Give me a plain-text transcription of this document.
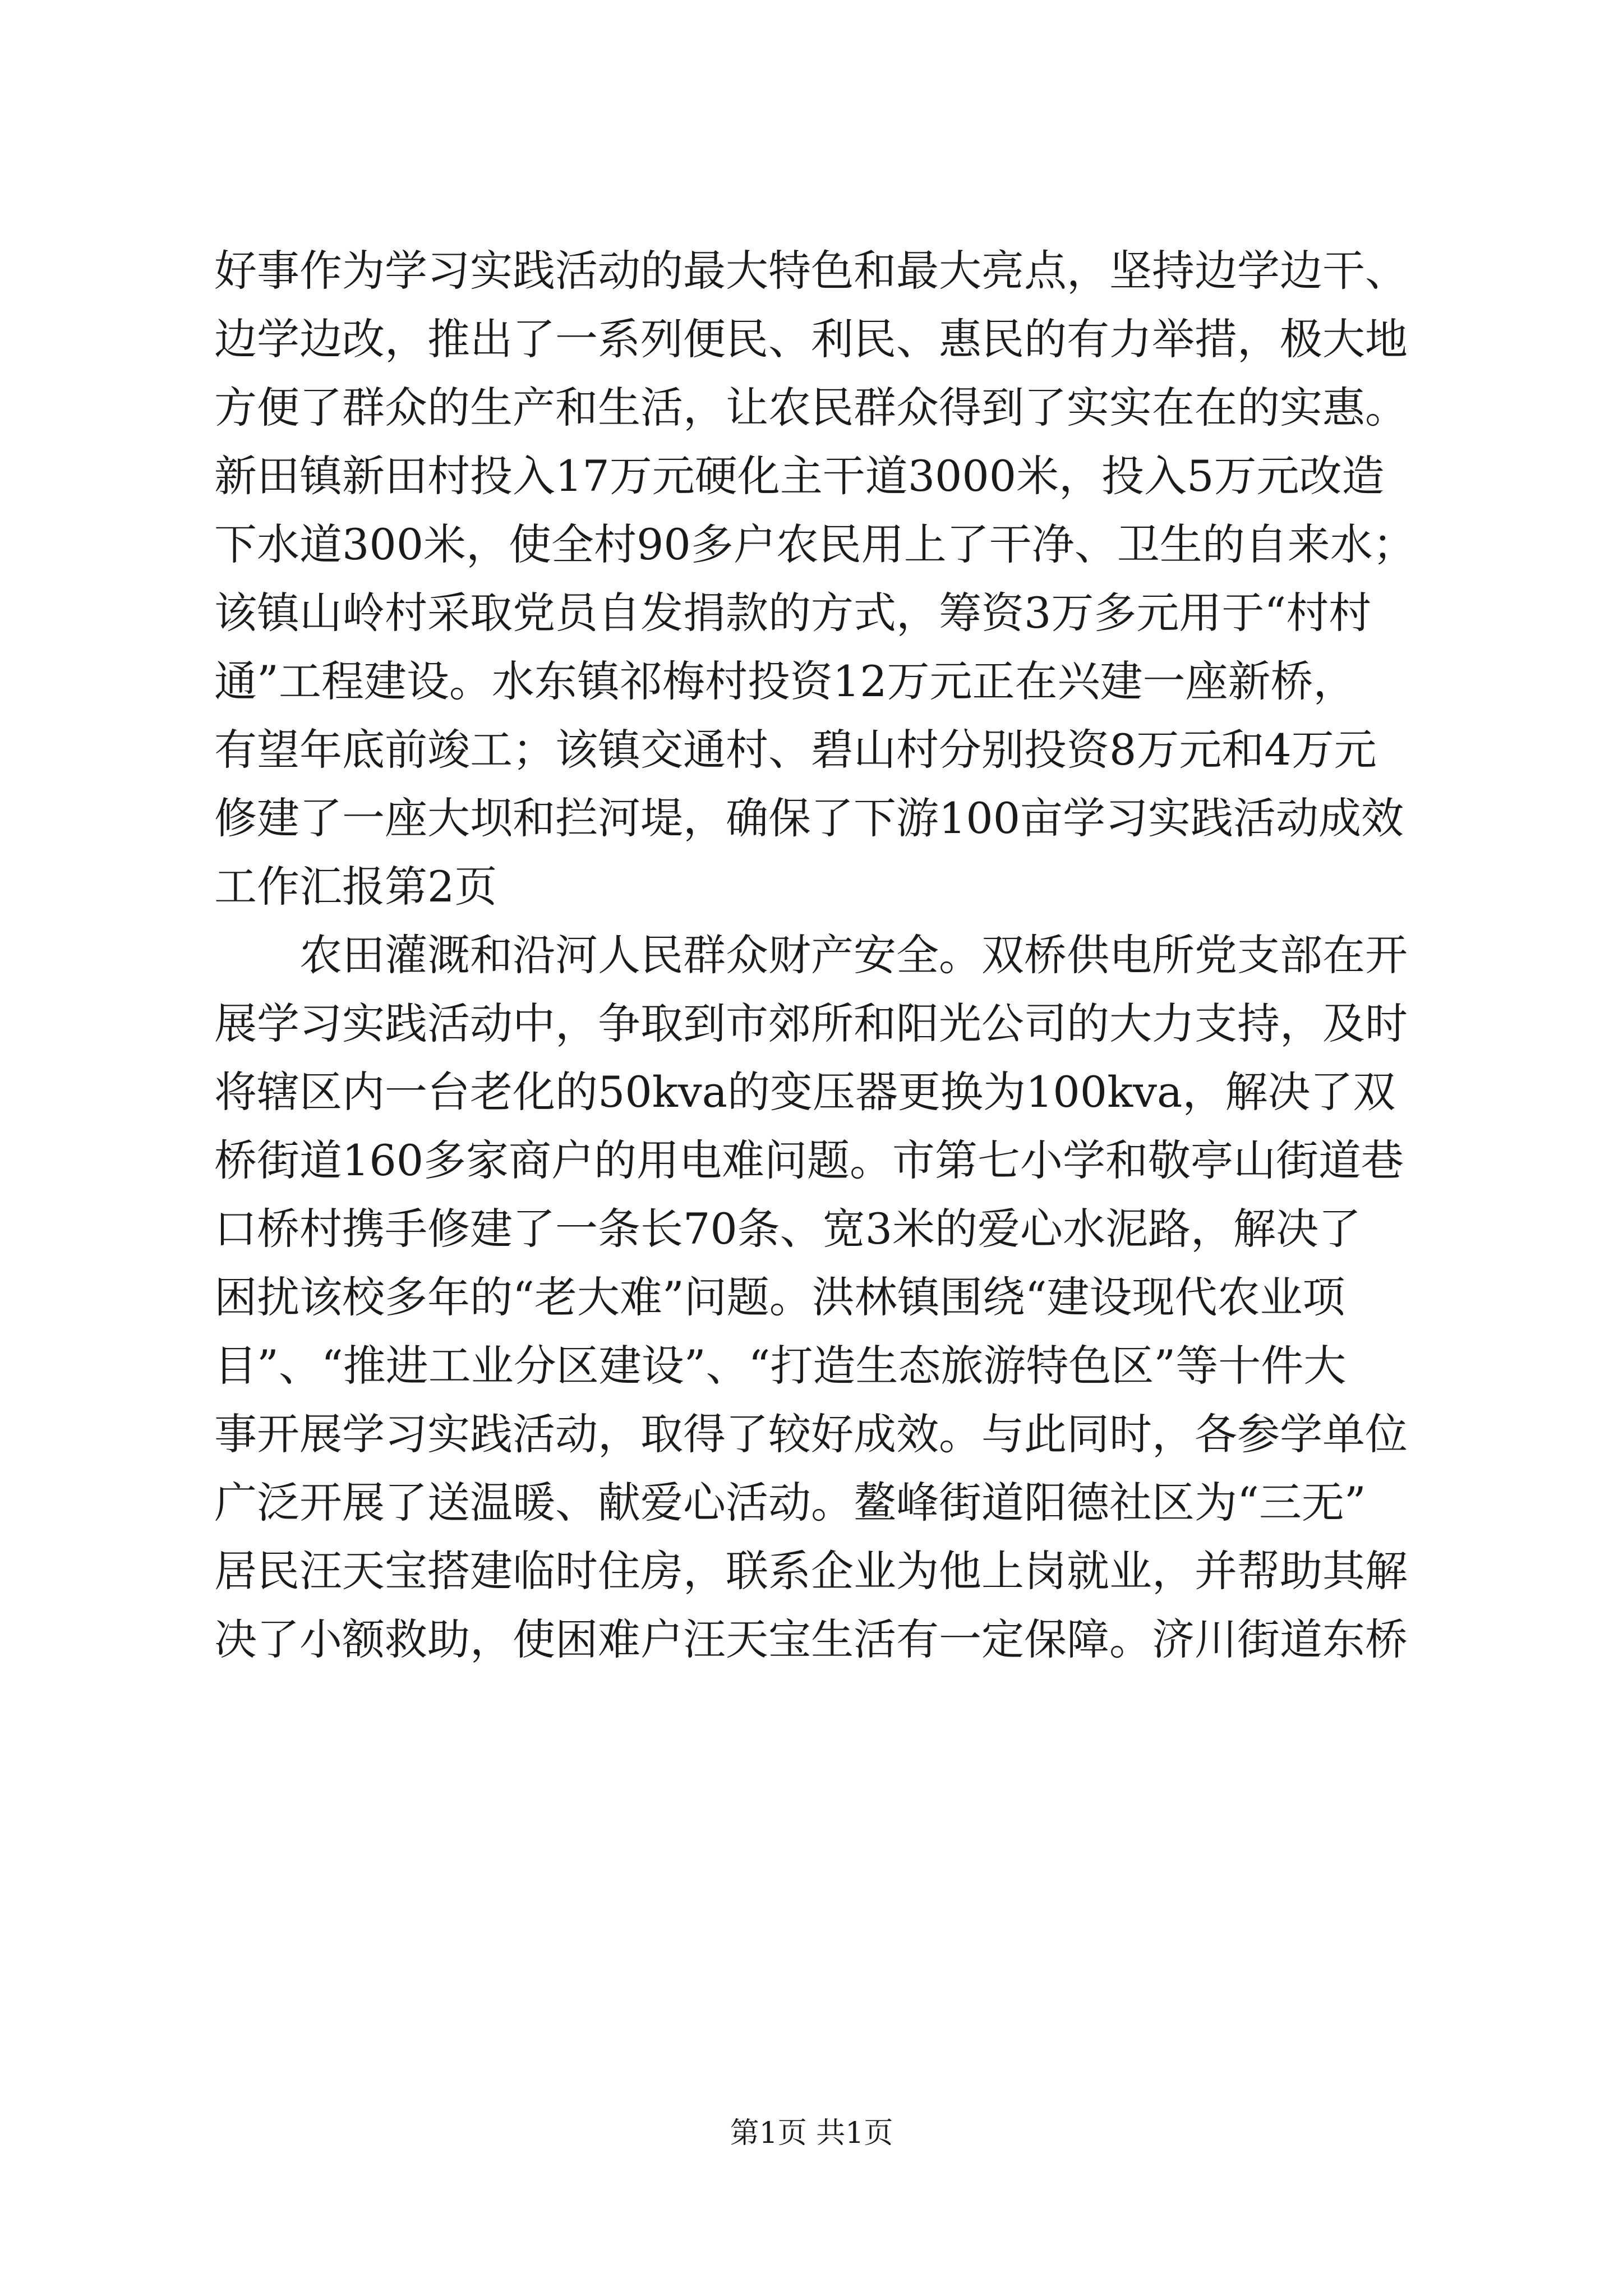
好事作为学习实践活动的最大特色和最大亮点，坚持边学边干、
边学边改，推出了一系列便民、利民、惠民的有力举措，极大地
方便了群众的生产和生活，让农民群众得到了实实在在的实惠。
新田镇新田村投入17万元硬化主干道3000米，投入5万元改造
下水道300米，使全村90多户农民用上了干净、卫生的自来水；
该镇山岭村采取党员自发捐款的方式，筹资3万多元用于“村村
通”工程建设。水东镇祁梅村投资12万元正在兴建一座新桥，
有望年底前竣工；该镇交通村、碧山村分别投资8万元和4万元
修建了一座大坝和拦河堤，确保了下游100亩学习实践活动成效
工作汇报第2页
农田灌溉和沿河人民群众财产安全。双桥供电所党支部在开
展学习实践活动中，争取到市郊所和阳光公司的大力支持，及时
将辖区内一台老化的50kva的变压器更换为100kva，解决了双
桥街道160多家商户的用电难问题。市第七小学和敬亭山街道巷
口桥村携手修建了一条长70条、宽3米的爱心水泥路，解决了
困扰该校多年的“老大难”问题。洪林镇围绕“建设现代农业项
目”、“推进工业分区建设”、“打造生态旅游特色区”等十件大
事开展学习实践活动，取得了较好成效。与此同时，各参学单位
广泛开展了送温暖、献爱心活动。鳌峰街道阳德社区为“三无”
居民汪天宝搭建临时住房，联系企业为他上岗就业，并帮助其解
决了小额救助，使困难户汪天宝生活有一定保障。济川街道东桥
第1页 共1页
